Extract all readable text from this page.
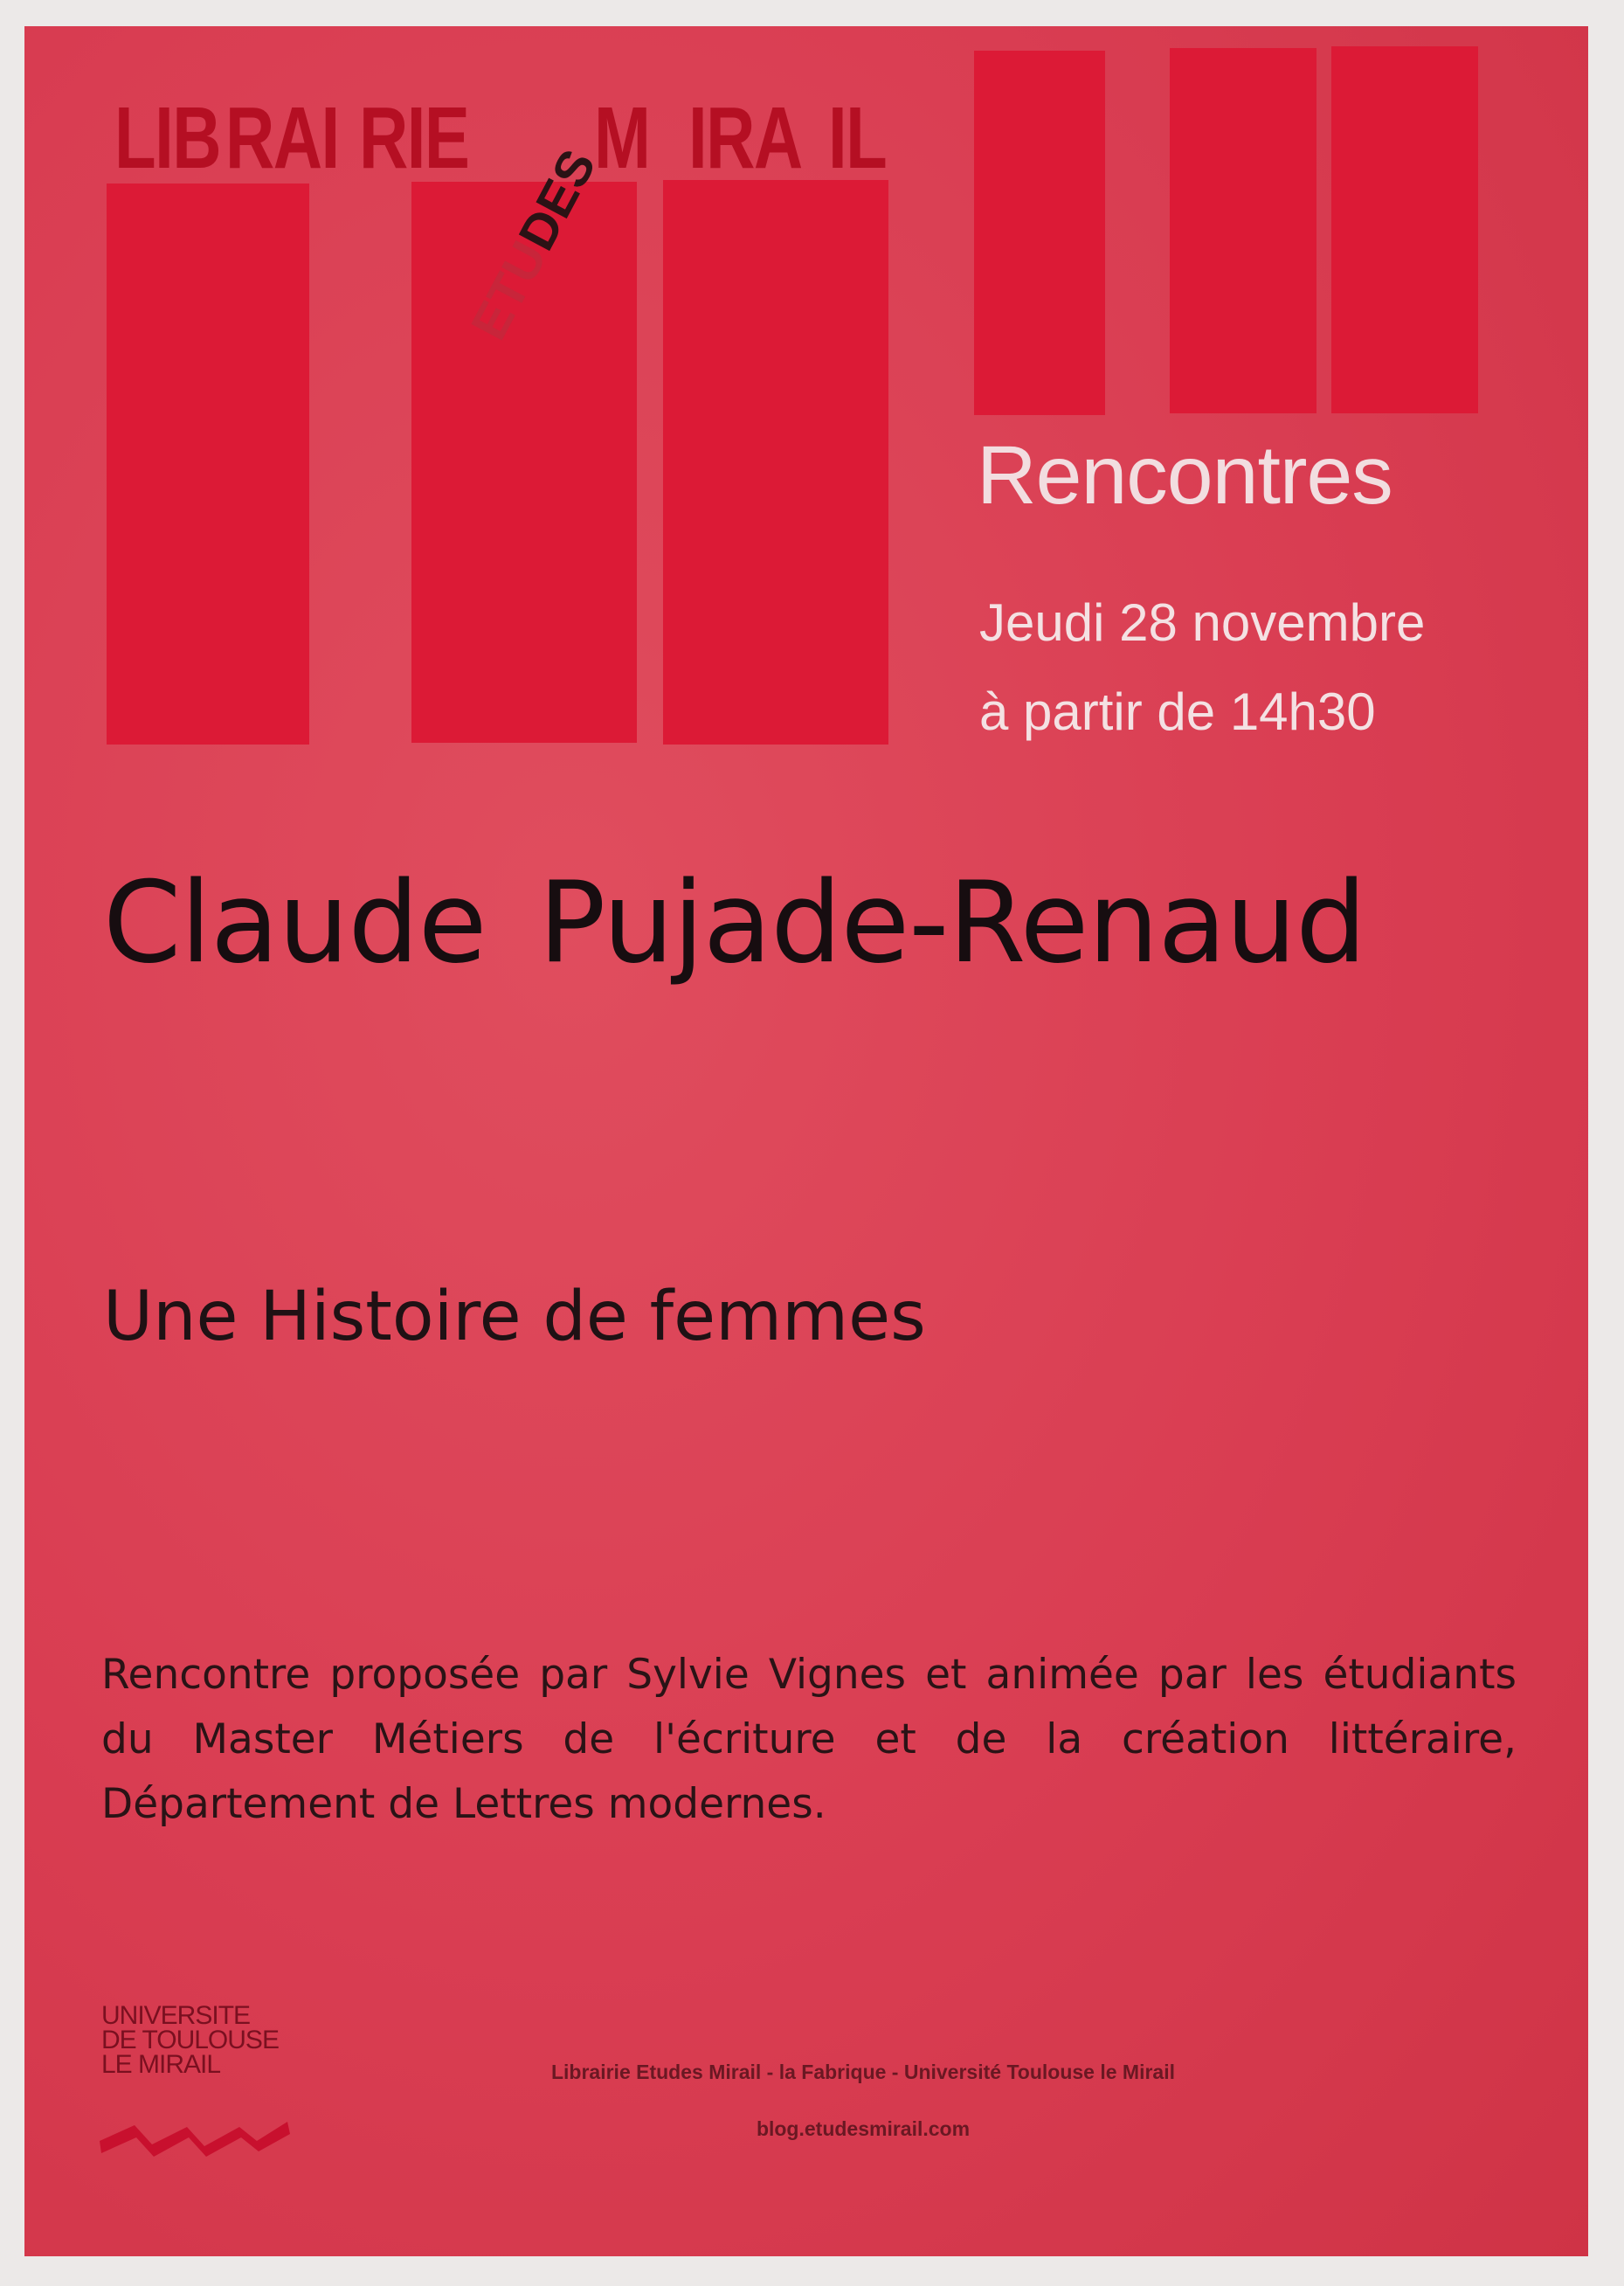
LIB RAI RIE M IRA IL
ETUDES
Rencontres
Jeudi 28 novembre
à partir de 14h30
Claude Pujade-Renaud
Une Histoire de femmes
Rencontre proposée par Sylvie Vignes et animée par les étudiants du Master Métiers de l'écriture et de la création littéraire, Département de Lettres modernes.
UNIVERSITE
DE TOULOUSE
LE MIRAIL	Librairie Etudes Mirail - la Fabrique - Université Toulouse le Mirail
blog.etudesmirail.com
